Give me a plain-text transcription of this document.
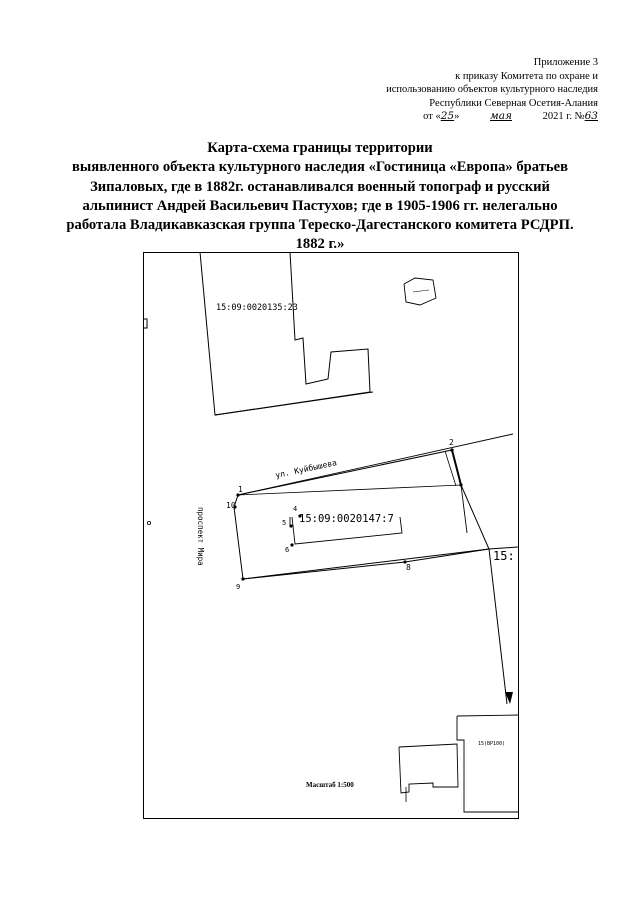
Приложение 3
к приказу Комитета по охране и
использованию объектов культурного наследия
Республики Северная Осетия-Алания
от «25»	мая	2021 г. №63
Карта-схема границы территории
выявленного объекта культурного наследия «Гостиница «Европа» братьев
Зипаловых, где в 1882г. останавливался военный топограф и русский
альпинист Андрей Васильевич Пастухов; где в 1905-1906 гг. нелегально
работала Владикавказская группа Тереско-Дагестанского комитета РСДРП.
1882 г.»
15:09:0020135:23
1
2
4
5
6
8
9
10
15:09:0020147:7
15:
ул. Куйбышева
проспект Мира
15(ВР100)
Масштаб 1:500
